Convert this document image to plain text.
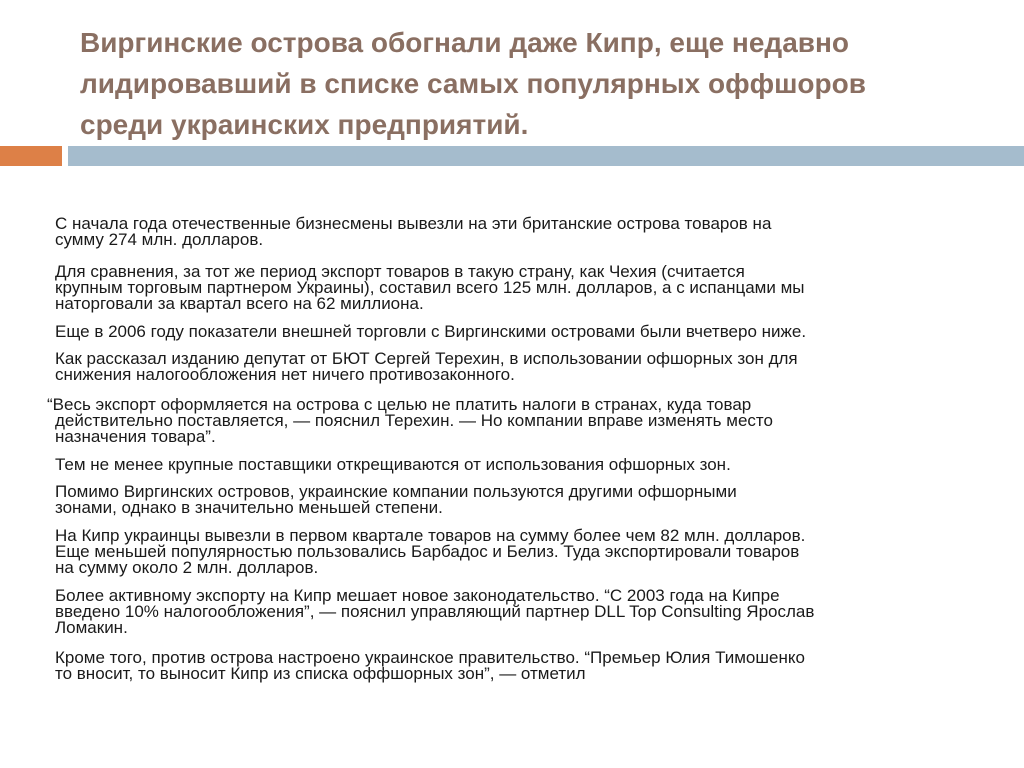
Виргинские острова обогнали даже Кипр, еще недавно
лидировавший в списке самых популярных оффшоров
среди украинских предприятий.

С начала года отечественные бизнесмены вывезли на эти британские острова товаров на
сумму 274 млн. долларов.

Для сравнения, за тот же период экспорт товаров в такую страну, как Чехия (считается
крупным торговым партнером Украины), составил всего 125 млн. долларов, а с испанцами мы
наторговали за квартал всего на 62 миллиона.

Еще в 2006 году показатели внешней торговли с Виргинскими островами были вчетверо ниже.

Как рассказал изданию депутат от БЮТ Сергей Терехин, в использовании офшорных зон для
снижения налогообложения нет ничего противозаконного.

“Весь экспорт оформляется на острова с целью не платить налоги в странах, куда товар
действительно поставляется, — пояснил Терехин. — Но компании вправе изменять место
назначения товара”.

Тем не менее крупные поставщики открещиваются от использования офшорных зон.

Помимо Виргинских островов, украинские компании пользуются другими офшорными
зонами, однако в значительно меньшей степени.

На Кипр украинцы вывезли в первом квартале товаров на сумму более чем 82 млн. долларов.
Еще меньшей популярностью пользовались Барбадос и Белиз. Туда экспортировали товаров
на сумму около 2 млн. долларов.

Более активному экспорту на Кипр мешает новое законодательство. “С 2003 года на Кипре
введено 10% налогообложения”, — пояснил управляющий партнер DLL Top Consulting Ярослав
Ломакин.

Кроме того, против острова настроено украинское правительство. “Премьер Юлия Тимошенко
то вносит, то выносит Кипр из списка оффшорных зон”, — отметил
